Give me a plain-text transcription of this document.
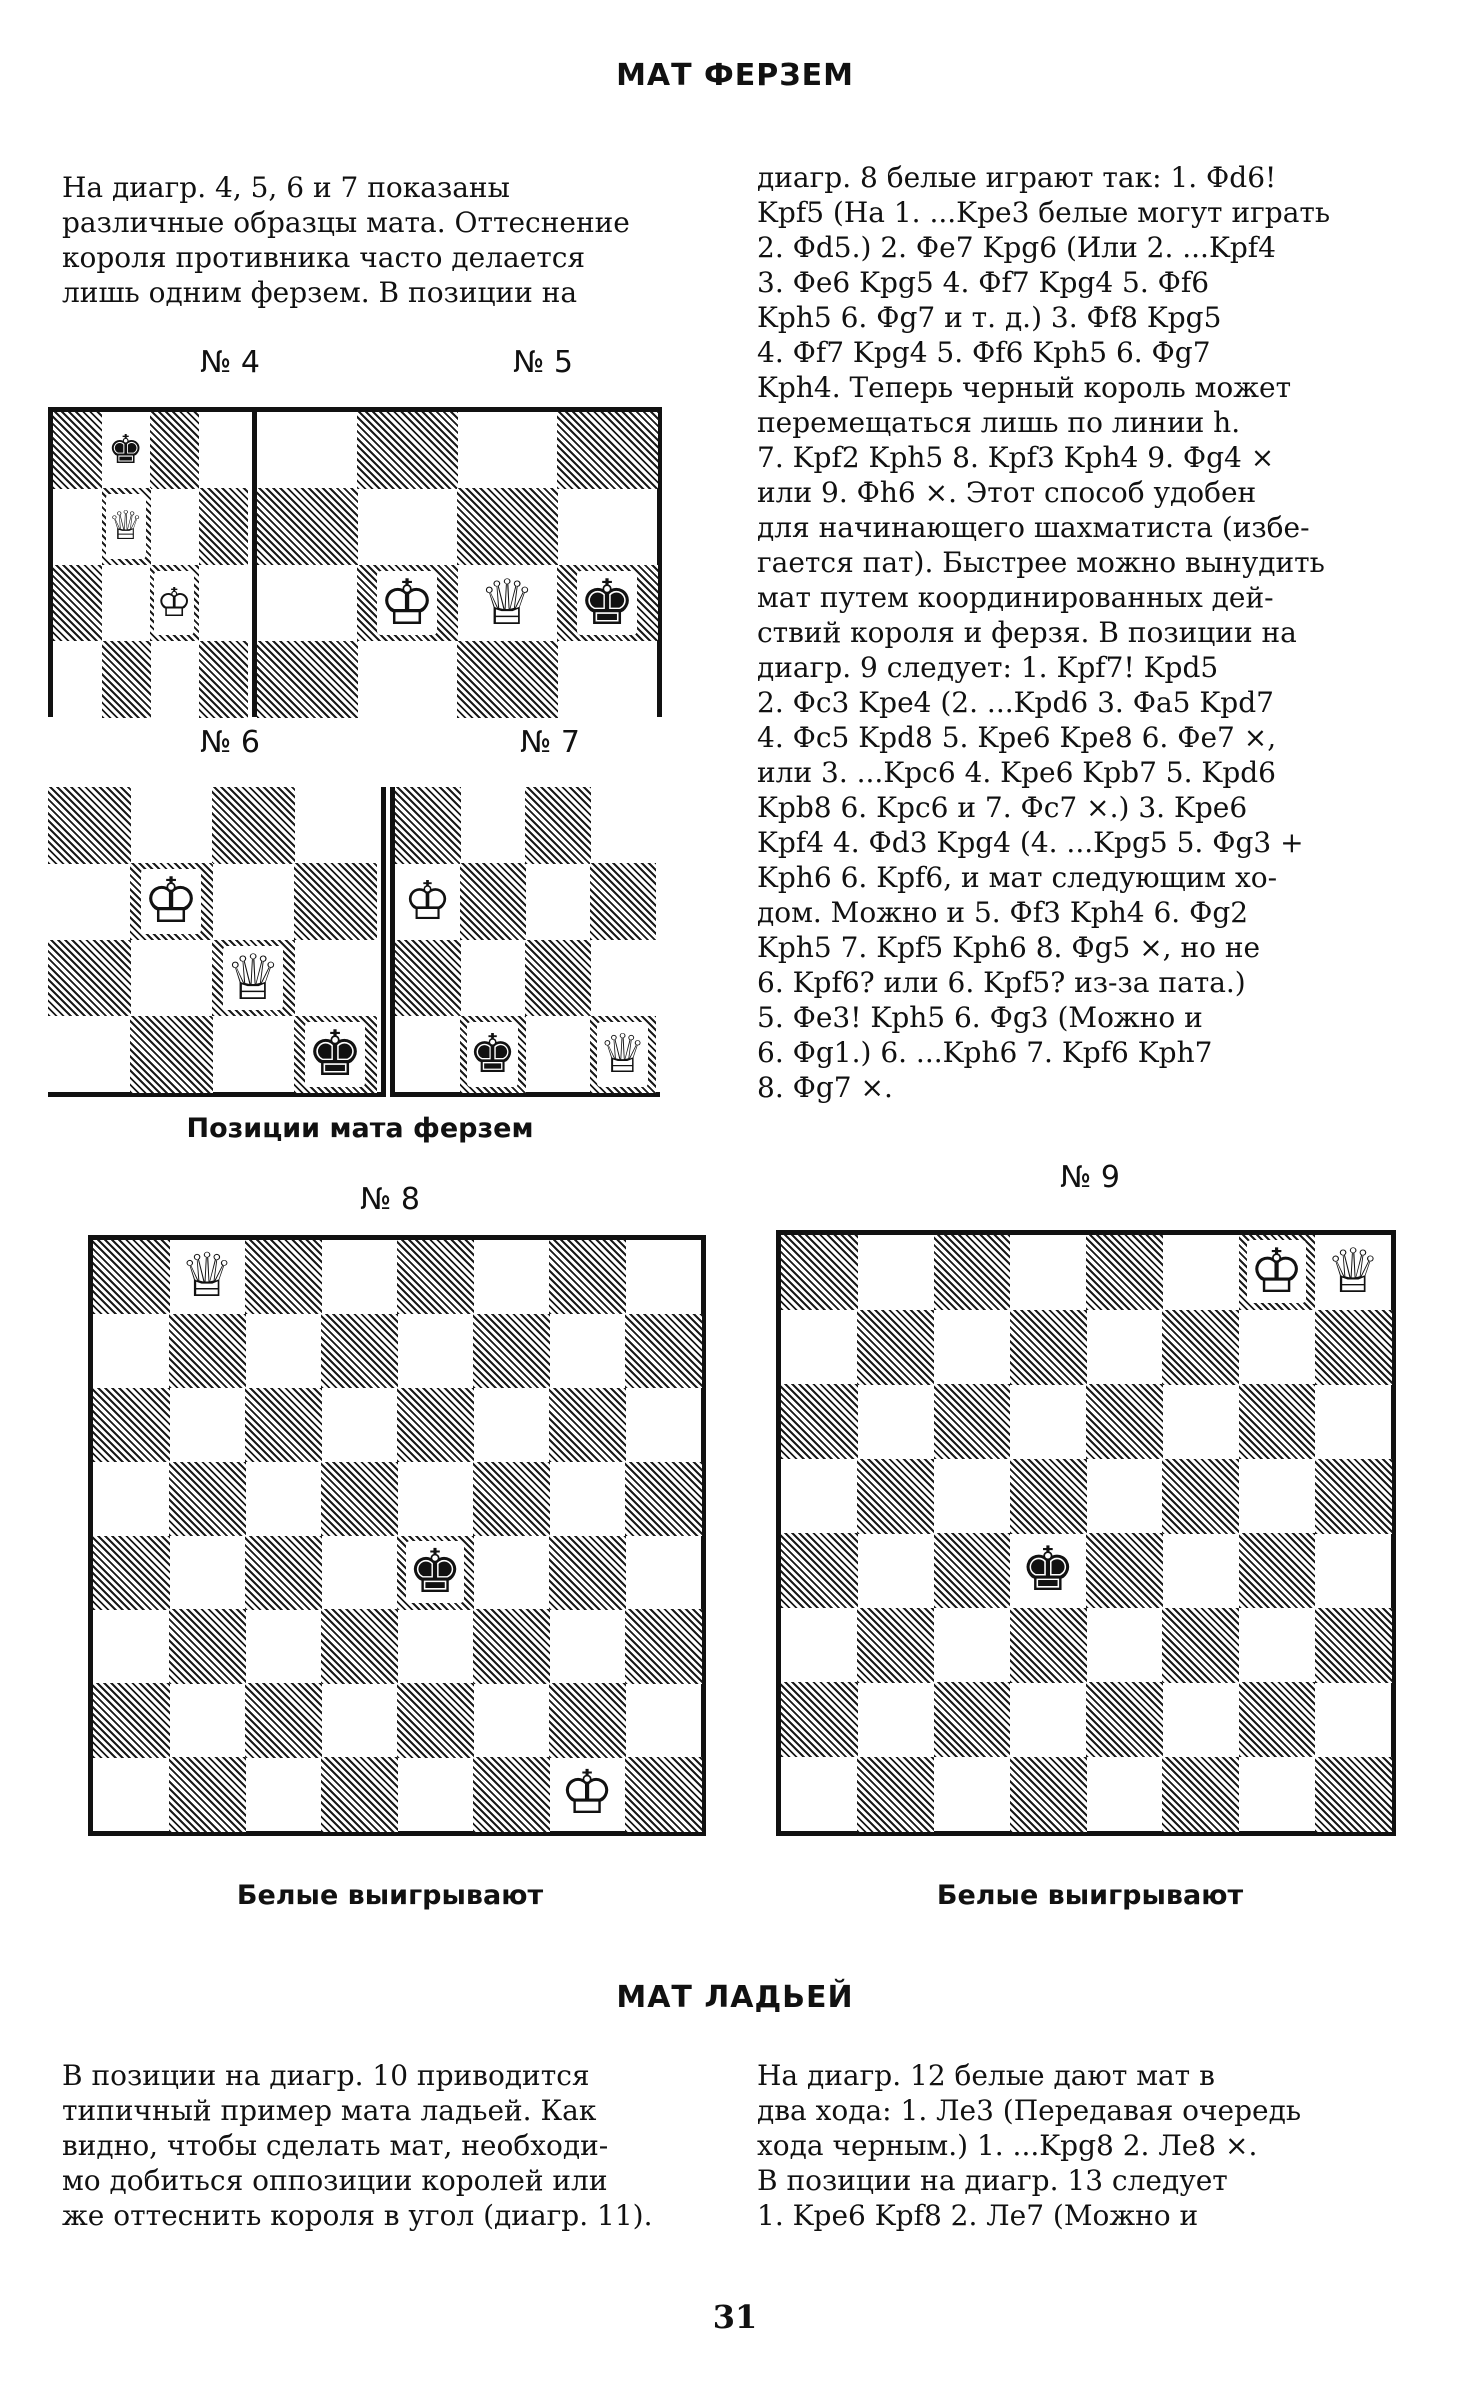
МАТ ФЕРЗЕМ
На диагр. 4, 5, 6 и 7 показаны
различные образцы мата. Оттеснение
короля противника часто делается
лишь одним ферзем. В позиции на
диагр. 8 белые играют так: 1. Фd6!
Kpf5 (На 1. ...Kpe3 белые могут играть
2. Фd5.) 2. Фe7 Kpg6 (Или 2. ...Kpf4
3. Фe6 Kpg5 4. Фf7 Kpg4 5. Фf6
Kph5 6. Фg7 и т. д.) 3. Фf8 Kpg5
4. Фf7 Kpg4 5. Фf6 Kph5 6. Фg7
Kph4. Теперь черный король может
перемещаться лишь по линии h.
7. Kpf2 Kph5 8. Kpf3 Kph4 9. Фg4 ×
или 9. Фh6 ×. Этот способ удобен
для начинающего шахматиста (избе-
гается пат). Быстрее можно вынудить
мат путем координированных дей-
ствий короля и ферзя. В позиции на
диагр. 9 следует: 1. Kpf7! Kpd5
2. Фc3 Kpe4 (2. ...Kpd6 3. Фa5 Kpd7
4. Фc5 Kpd8 5. Kpe6 Kpe8 6. Фe7 ×,
или 3. ...Kpc6 4. Kpe6 Kpb7 5. Kpd6
Kpb8 6. Kpc6 и 7. Фc7 ×.) 3. Kpe6
Kpf4 4. Фd3 Kpg4 (4. ...Kpg5 5. Фg3 +
Kph6 6. Kpf6, и мат следующим хо-
дом. Можно и 5. Фf3 Kph4 6. Фg2
Kph5 7. Kpf5 Kph6 8. Фg5 ×, но не
6. Kpf6? или 6. Kpf5? из-за пата.)
5. Фe3! Kph5 6. Фg3 (Можно и
6. Фg1.) 6. ...Kph6 7. Kpf6 Kph7
8. Фg7 ×.
№ 4	№ 5
№ 6	№ 7
♚
♕
♔	♔ ♕ ♚
♔
♕
♚
♔
♚ ♕
♕
♚
♔
♔ ♕
♚
Позиции мата ферзем
№ 8
№ 9
Белые выигрывают	Белые выигрывают
МАТ ЛАДЬЕЙ
В позиции на диагр. 10 приводится
типичный пример мата ладьей. Как
видно, чтобы сделать мат, необходи-
мо добиться оппозиции королей или
же оттеснить короля в угол (диагр. 11).
На диагр. 12 белые дают мат в
два хода: 1. Лe3 (Передавая очередь
хода черным.) 1. ...Kpg8 2. Лe8 ×.
В позиции на диагр. 13 следует
1. Kpe6 Kpf8 2. Лe7 (Можно и
31
